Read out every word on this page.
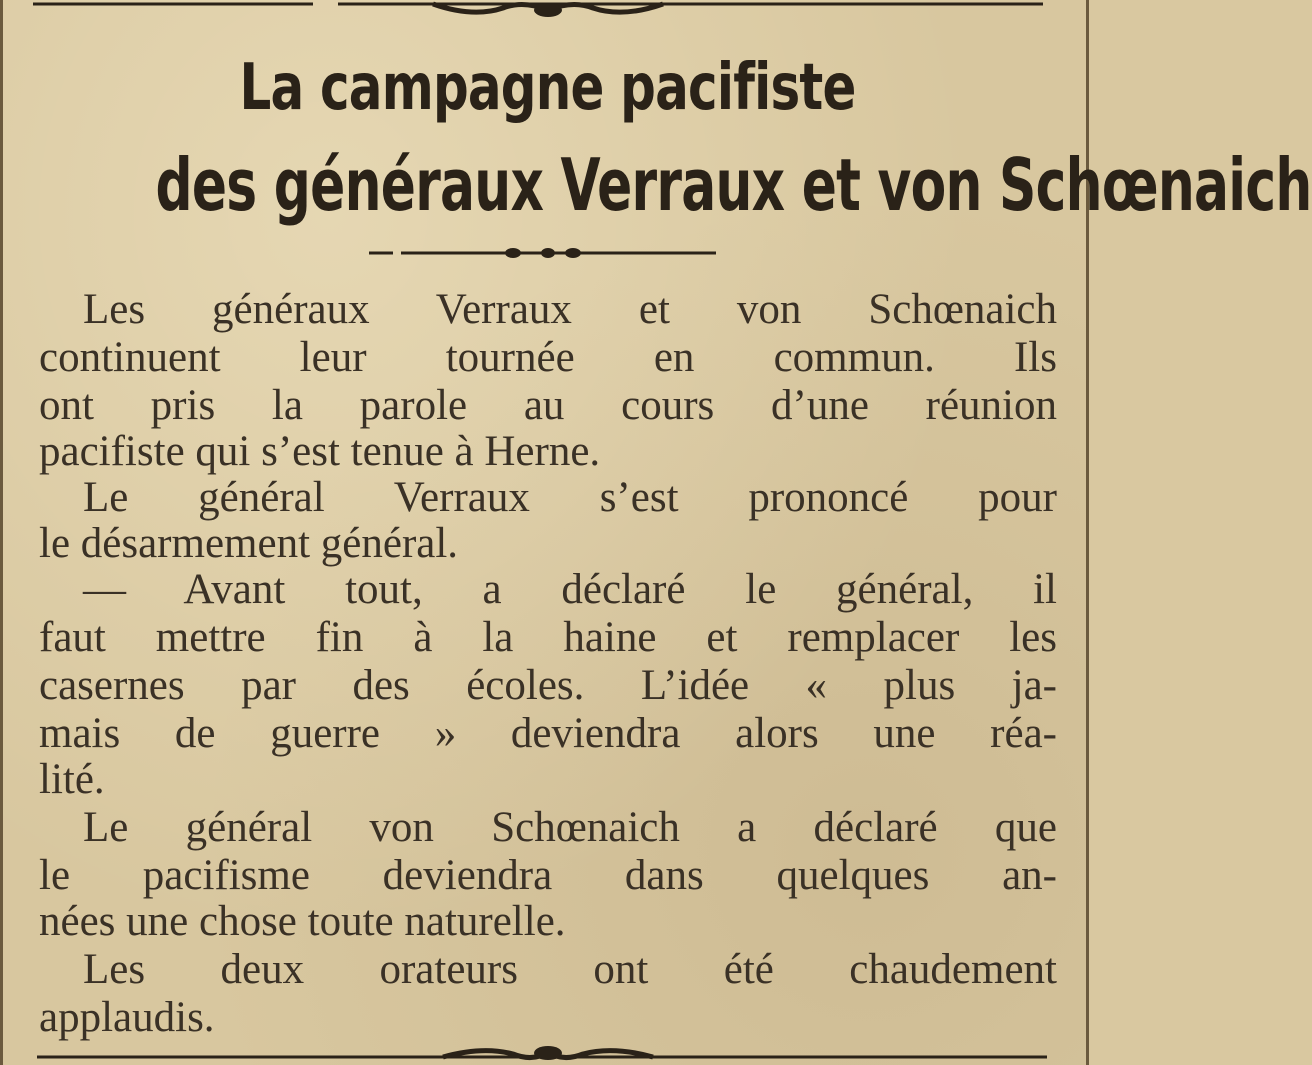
La campagne pacifiste
des généraux Verraux et von Schœnaich

Les généraux Verraux et von Schœnaich

continuent leur tournée en commun. Ils

ont pris la parole au cours d’une réunion

pacifiste qui s’est tenue à Herne.

Le général Verraux s’est prononcé pour

le désarmement général.

— Avant tout, a déclaré le général, il

faut mettre fin à la haine et remplacer les

casernes par des écoles. L’idée « plus ja-

mais de guerre » deviendra alors une réa-

lité.

Le général von Schœnaich a déclaré que

le pacifisme deviendra dans quelques an-

nées une chose toute naturelle.

Les deux orateurs ont été chaudement

applaudis.
